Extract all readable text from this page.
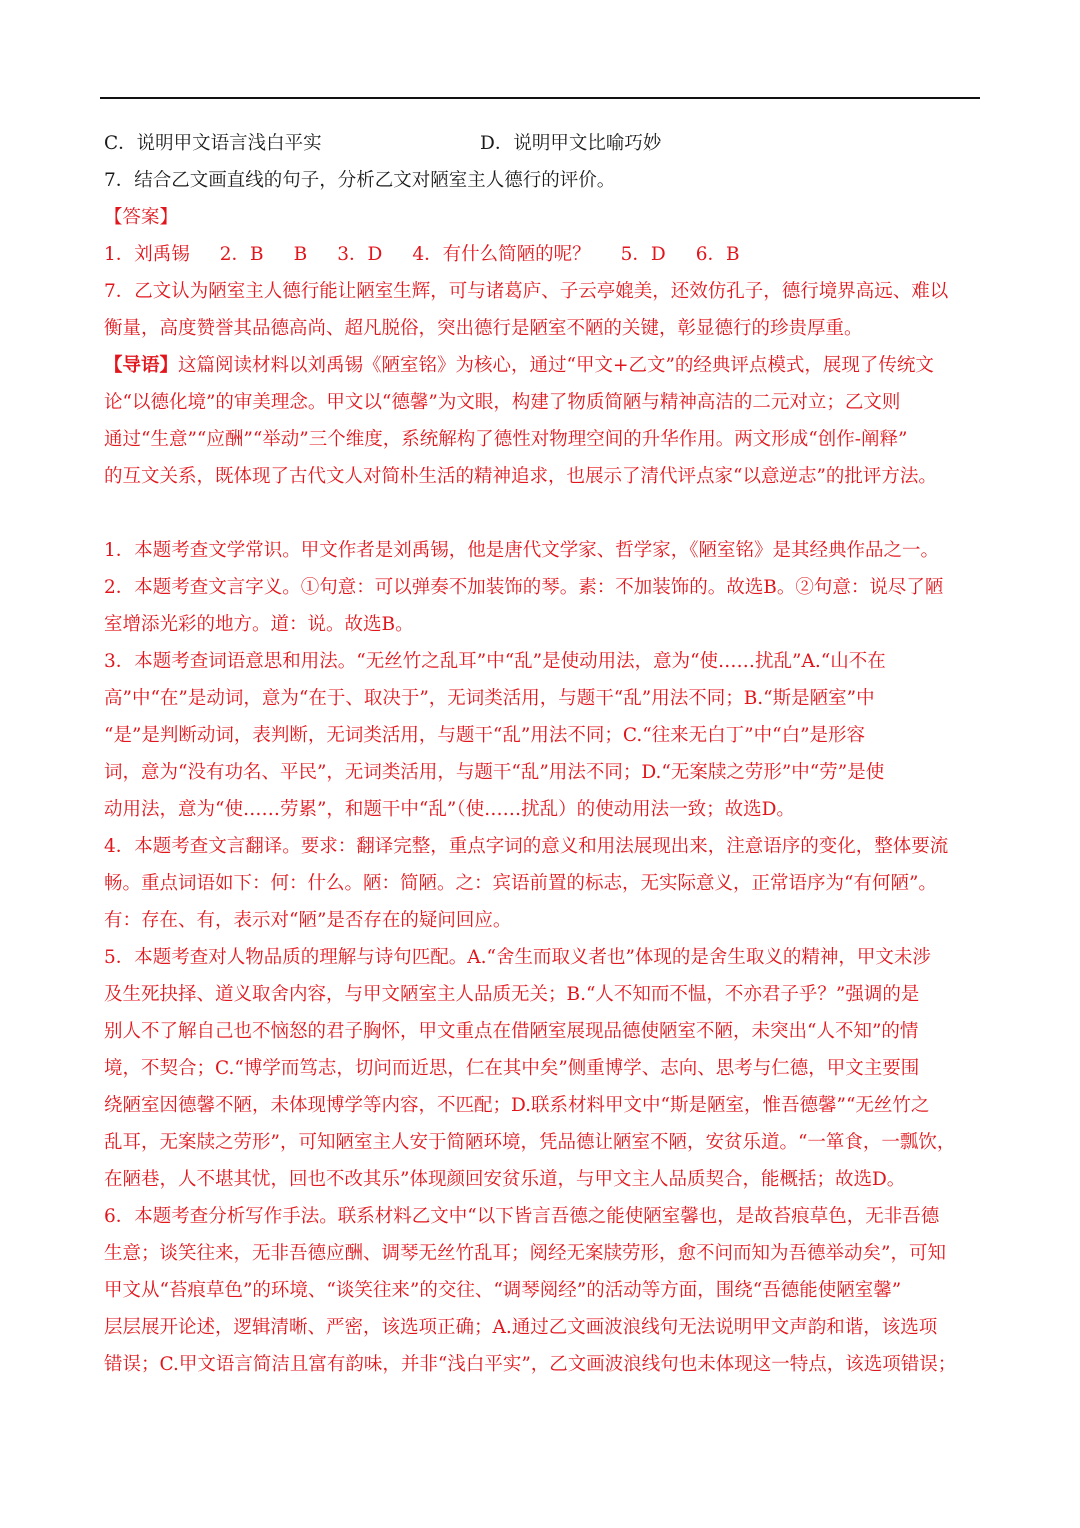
C．说明甲文语言浅白平实	D．说明甲文比喻巧妙
7．结合乙文画直线的句子，分析乙文对陋室主人德行的评价。
【答案】
1．刘禹锡 2．B B 3．D 4．有什么简陋的呢？ 5．D 6．B
7．乙文认为陋室主人德行能让陋室生辉，可与诸葛庐、子云亭媲美，还效仿孔子，德行境界高远、难以
衡量，高度赞誉其品德高尚、超凡脱俗，突出德行是陋室不陋的关键，彰显德行的珍贵厚重。
【导语】这篇阅读材料以刘禹锡《陋室铭》为核心，通过“甲文+乙文”的经典评点模式，展现了传统文
论“以德化境”的审美理念。甲文以“德馨”为文眼，构建了物质简陋与精神高洁的二元对立；乙文则
通过“生意”“应酬”“举动”三个维度，系统解构了德性对物理空间的升华作用。两文形成“创作-阐释”
的互文关系，既体现了古代文人对简朴生活的精神追求，也展示了清代评点家“以意逆志”的批评方法。
1．本题考查文学常识。甲文作者是刘禹锡，他是唐代文学家、哲学家，《陋室铭》是其经典作品之一。
2．本题考查文言字义。①句意：可以弹奏不加装饰的琴。素：不加装饰的。故选B。②句意：说尽了陋
室增添光彩的地方。道：说。故选B。
3．本题考查词语意思和用法。“无丝竹之乱耳”中“乱”是使动用法，意为“使……扰乱”A.“山不在
高”中“在”是动词，意为“在于、取决于”，无词类活用，与题干“乱”用法不同；B.“斯是陋室”中
“是”是判断动词，表判断，无词类活用，与题干“乱”用法不同；C.“往来无白丁”中“白”是形容
词，意为“没有功名、平民”，无词类活用，与题干“乱”用法不同；D.“无案牍之劳形”中“劳”是使
动用法，意为“使……劳累”，和题干中“乱”（使……扰乱）的使动用法一致；故选D。
4．本题考查文言翻译。要求：翻译完整，重点字词的意义和用法展现出来，注意语序的变化，整体要流
畅。重点词语如下：何：什么。陋：简陋。之：宾语前置的标志，无实际意义，正常语序为“有何陋”。
有：存在、有，表示对“陋”是否存在的疑问回应。
5．本题考查对人物品质的理解与诗句匹配。A.“舍生而取义者也”体现的是舍生取义的精神，甲文未涉
及生死抉择、道义取舍内容，与甲文陋室主人品质无关；B.“人不知而不愠，不亦君子乎？”强调的是
别人不了解自己也不恼怒的君子胸怀，甲文重点在借陋室展现品德使陋室不陋，未突出“人不知”的情
境，不契合；C.“博学而笃志，切问而近思，仁在其中矣”侧重博学、志向、思考与仁德，甲文主要围
绕陋室因德馨不陋，未体现博学等内容，不匹配；D.联系材料甲文中“斯是陋室，惟吾德馨”“无丝竹之
乱耳，无案牍之劳形”，可知陋室主人安于简陋环境，凭品德让陋室不陋，安贫乐道。“一箪食，一瓢饮，
在陋巷，人不堪其忧，回也不改其乐”体现颜回安贫乐道，与甲文主人品质契合，能概括；故选D。
6．本题考查分析写作手法。联系材料乙文中“以下皆言吾德之能使陋室馨也，是故苔痕草色，无非吾德
生意；谈笑往来，无非吾德应酬、调琴无丝竹乱耳；阅经无案牍劳形，愈不问而知为吾德举动矣”，可知
甲文从“苔痕草色”的环境、“谈笑往来”的交往、“调琴阅经”的活动等方面，围绕“吾德能使陋室馨”
层层展开论述，逻辑清晰、严密，该选项正确；A.通过乙文画波浪线句无法说明甲文声韵和谐，该选项
错误；C.甲文语言简洁且富有韵味，并非“浅白平实”，乙文画波浪线句也未体现这一特点，该选项错误；
